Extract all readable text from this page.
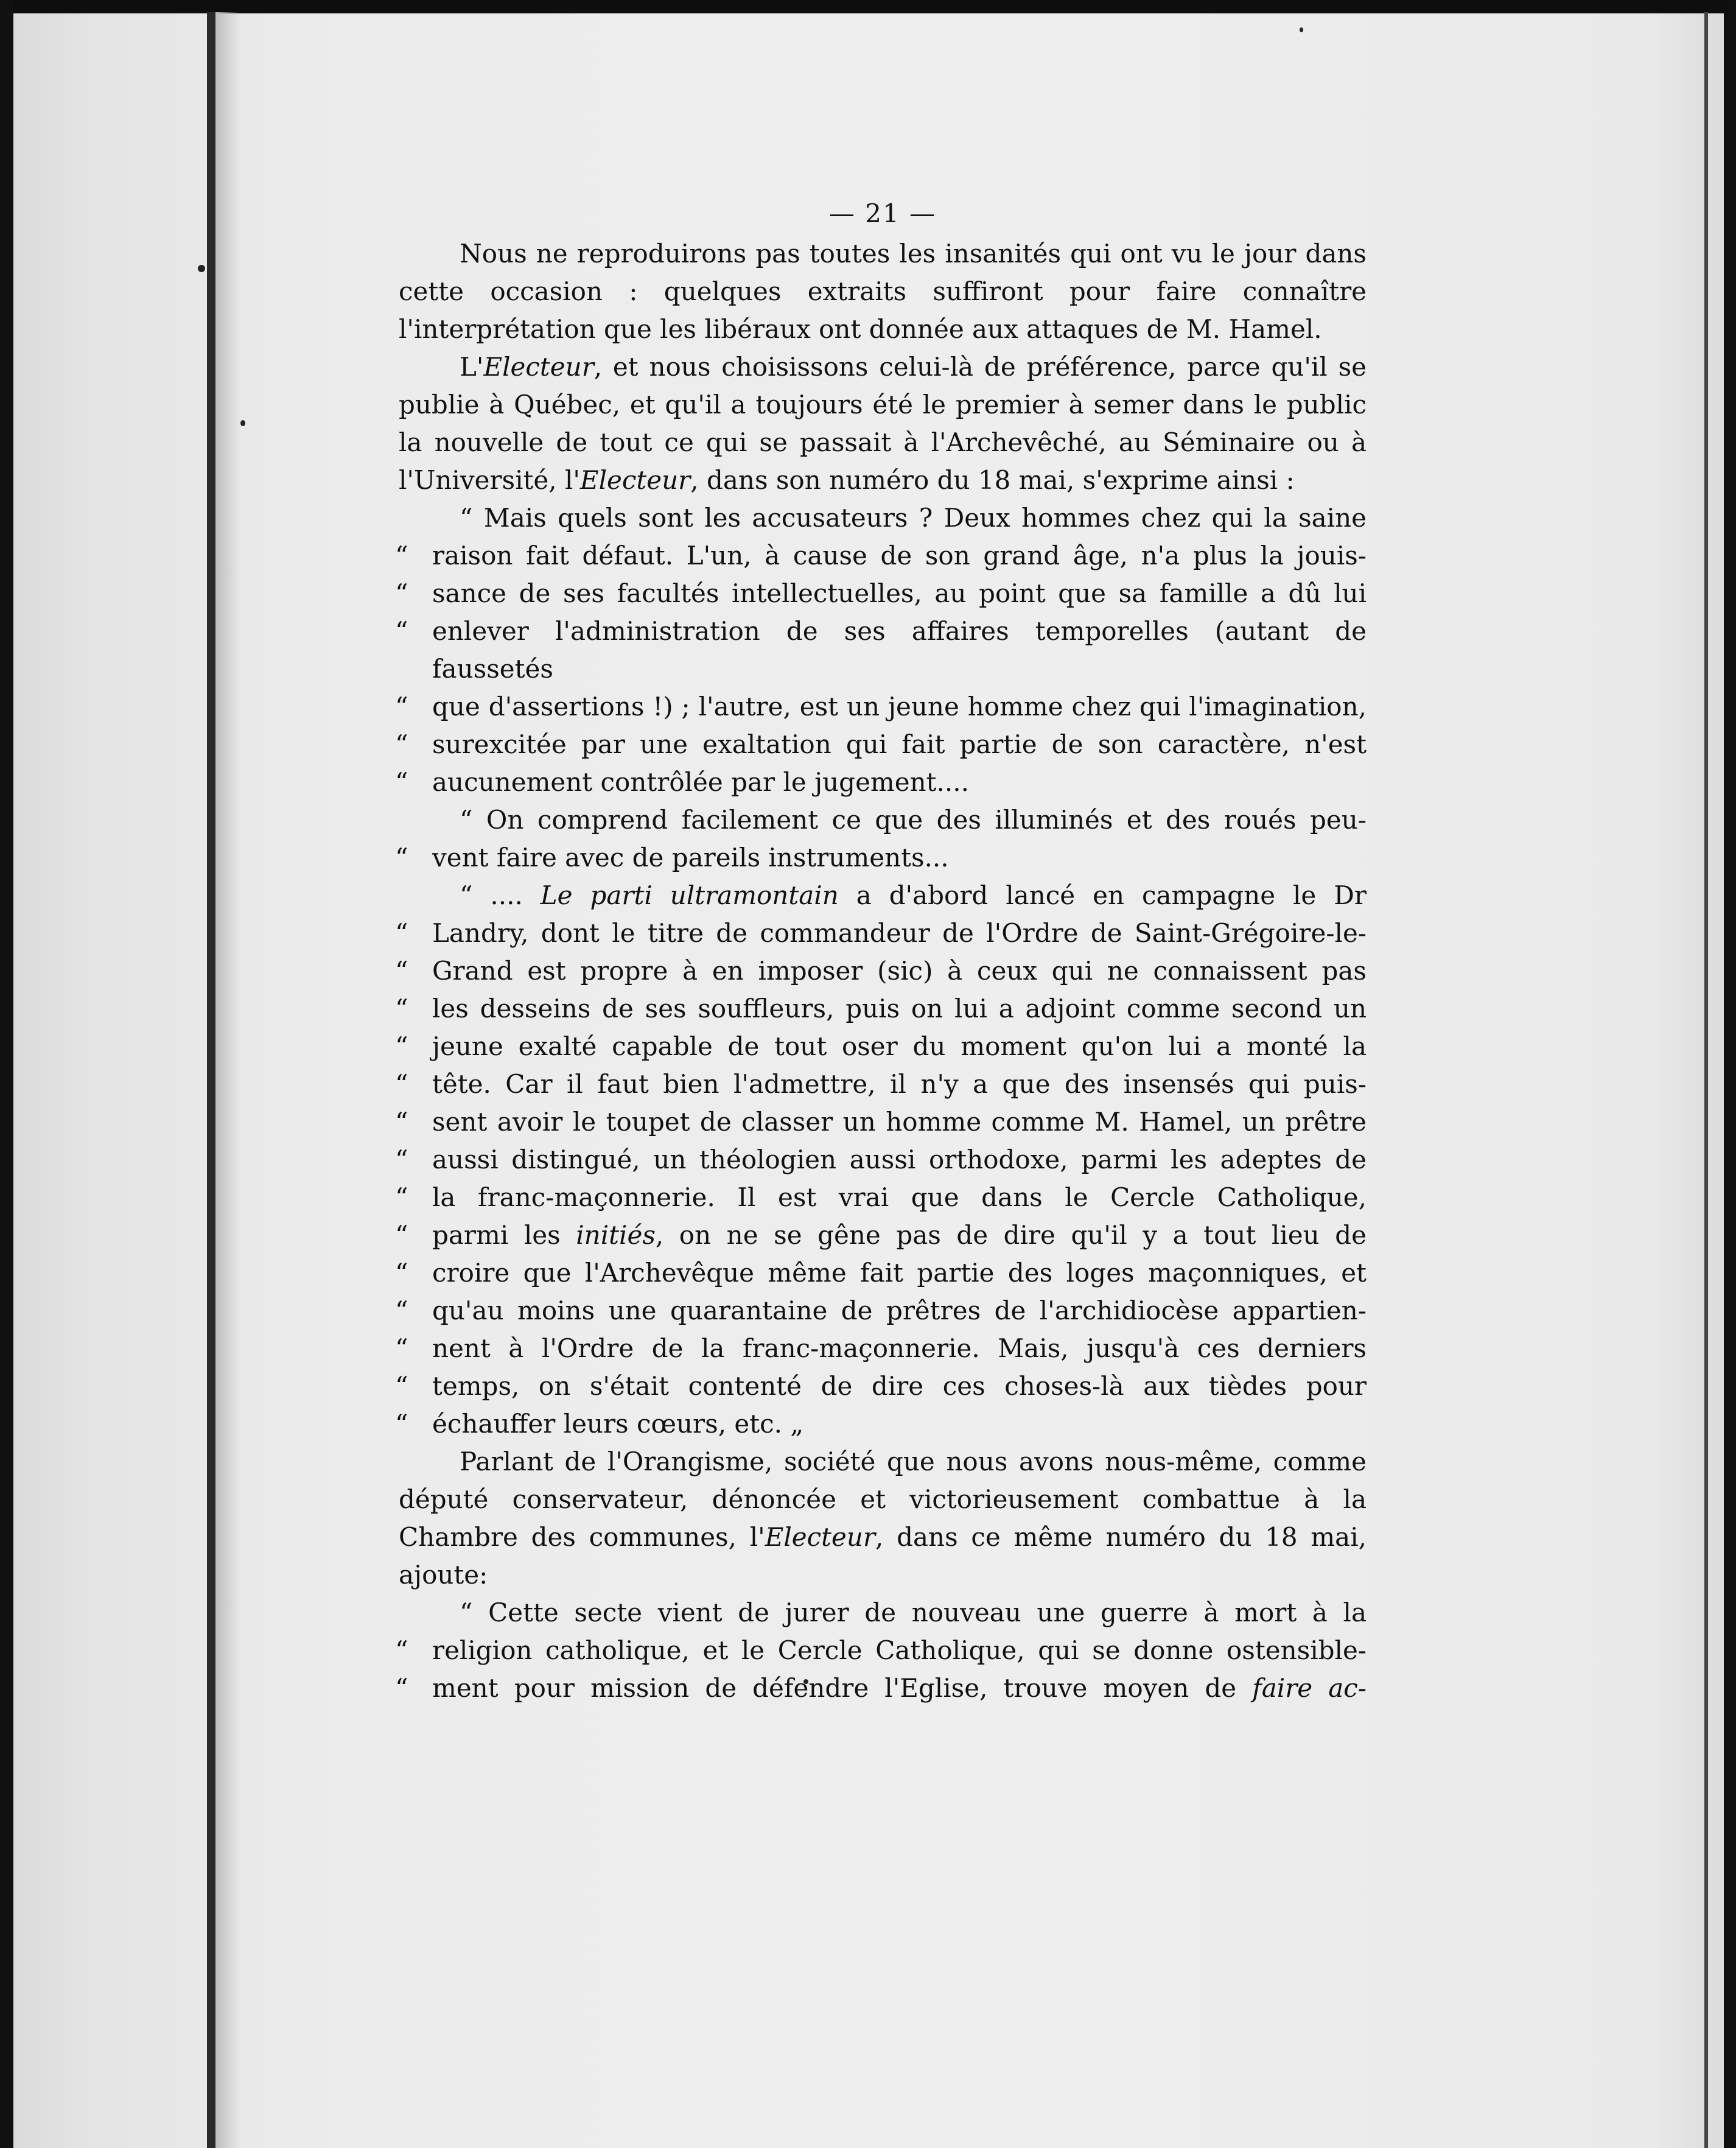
— 21 —

Nous ne reproduirons pas toutes les insanités qui ont vu le jour dans cette occasion : quelques extraits suffiront pour faire connaître l'interprétation que les libéraux ont donnée aux attaques de M. Hamel.

L'Electeur, et nous choisissons celui-là de préférence, parce qu'il se publie à Québec, et qu'il a toujours été le premier à semer dans le public la nouvelle de tout ce qui se passait à l'Archevêché, au Séminaire ou à l'Université, l'Electeur, dans son numéro du 18 mai, s'exprime ainsi :

“ Mais quels sont les accusateurs ? Deux hommes chez qui la saine
“ raison fait défaut. L'un, à cause de son grand âge, n'a plus la jouis-
“ sance de ses facultés intellectuelles, au point que sa famille a dû lui
“ enlever l'administration de ses affaires temporelles (autant de faussetés
“ que d'assertions !) ; l'autre, est un jeune homme chez qui l'imagination,
“ surexcitée par une exaltation qui fait partie de son caractère, n'est
“ aucunement contrôlée par le jugement....
“ On comprend facilement ce que des illuminés et des roués peu-
“ vent faire avec de pareils instruments...
“ .... Le parti ultramontain a d'abord lancé en campagne le Dr
“ Landry, dont le titre de commandeur de l'Ordre de Saint-Grégoire-le-
“ Grand est propre à en imposer (sic) à ceux qui ne connaissent pas
“ les desseins de ses souffleurs, puis on lui a adjoint comme second un
“ jeune exalté capable de tout oser du moment qu'on lui a monté la
“ tête. Car il faut bien l'admettre, il n'y a que des insensés qui puis-
“ sent avoir le toupet de classer un homme comme M. Hamel, un prêtre
“ aussi distingué, un théologien aussi orthodoxe, parmi les adeptes de
“ la franc-maçonnerie. Il est vrai que dans le Cercle Catholique,
“ parmi les initiés, on ne se gêne pas de dire qu'il y a tout lieu de
“ croire que l'Archevêque même fait partie des loges maçonniques, et
“ qu'au moins une quarantaine de prêtres de l'archidiocèse appartien-
“ nent à l'Ordre de la franc-maçonnerie. Mais, jusqu'à ces derniers
“ temps, on s'était contenté de dire ces choses-là aux tièdes pour
“ échauffer leurs cœurs, etc. „

Parlant de l'Orangisme, société que nous avons nous-même, comme député conservateur, dénoncée et victorieusement combattue à la Chambre des communes, l'Electeur, dans ce même numéro du 18 mai, ajoute:

“ Cette secte vient de jurer de nouveau une guerre à mort à la
“ religion catholique, et le Cercle Catholique, qui se donne ostensible-
“ ment pour mission de défendre l'Eglise, trouve moyen de faire ac-
